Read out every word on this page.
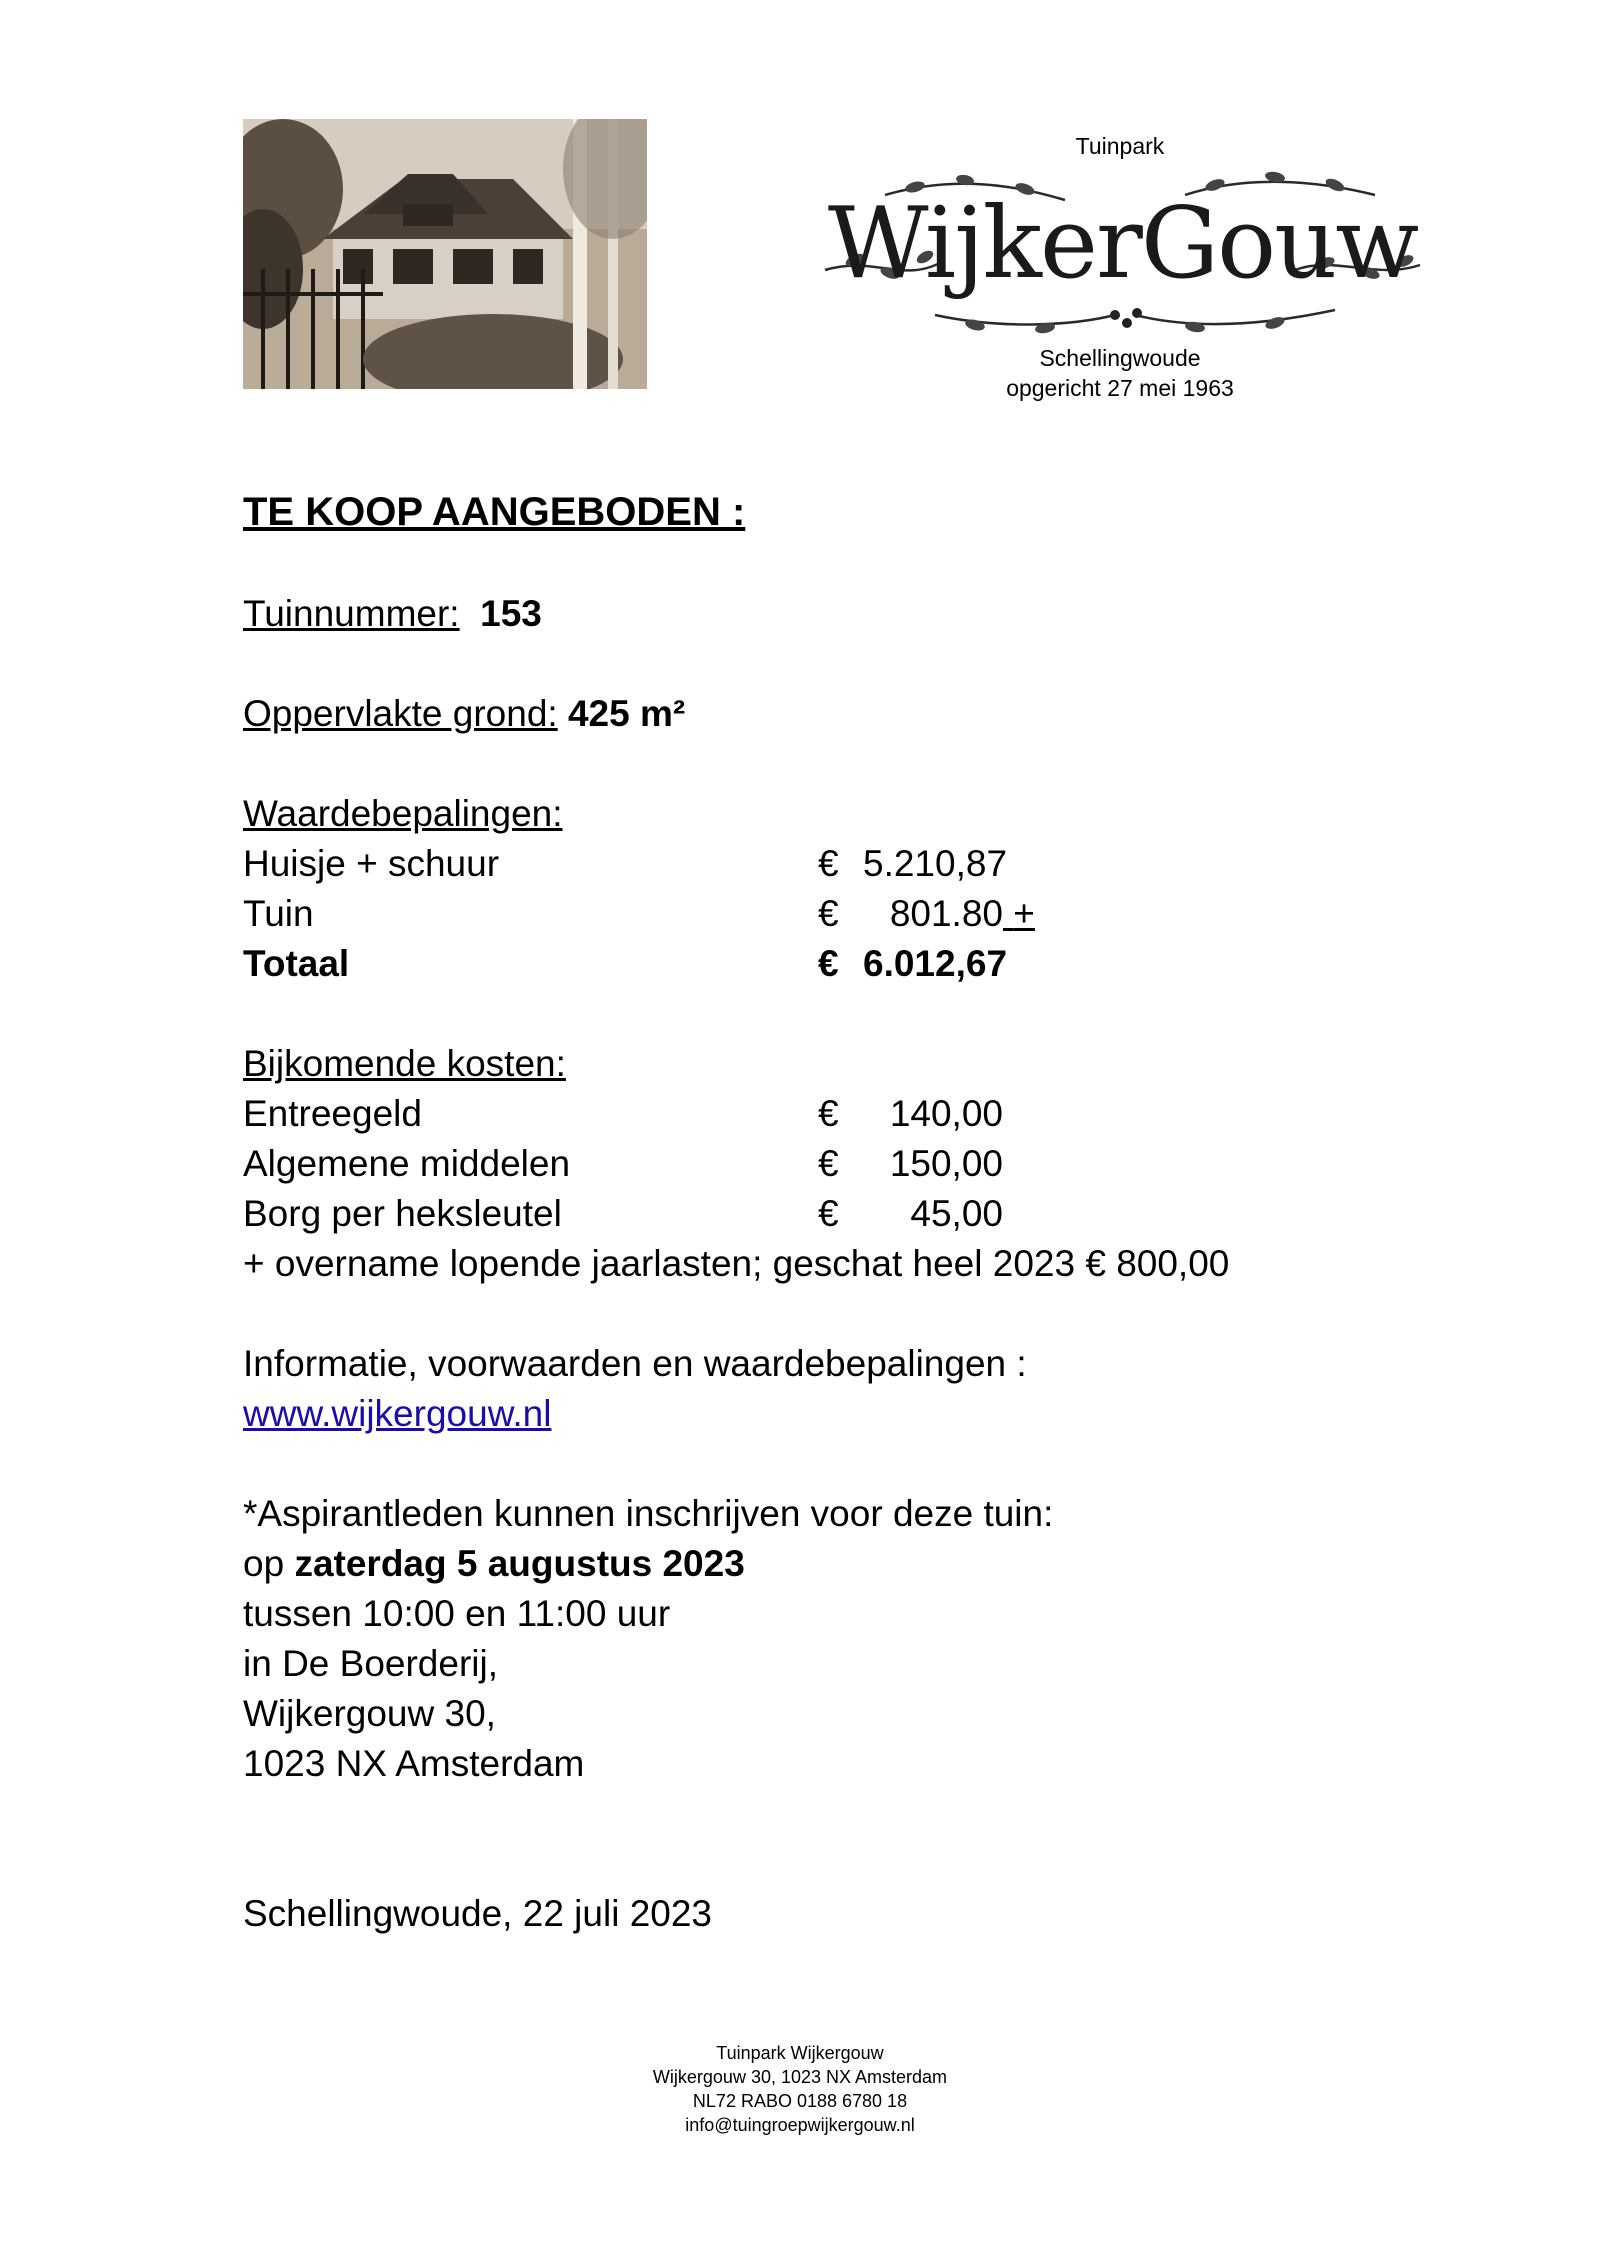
Tuinpark
WijkerGouw
Schellingwoude
opgericht 27 mei 1963
TE KOOP AANGEBODEN :
Tuinnummer: 153
Oppervlakte grond: 425 m²
Waardebepalingen:
Huisje + schuur	€ 5.210,87
Tuin	€ 801.80 +
Totaal	€ 6.012,67
Bijkomende kosten:
Entreegeld	€ 140,00
Algemene middelen	€ 150,00
Borg per heksleutel	€ 45,00
+ overname lopende jaarlasten; geschat heel 2023 € 800,00
Informatie, voorwaarden en waardebepalingen :
www.wijkergouw.nl
*Aspirantleden kunnen inschrijven voor deze tuin:
op zaterdag 5 augustus 2023
tussen 10:00 en 11:00 uur
in De Boerderij,
Wijkergouw 30,
1023 NX Amsterdam
Schellingwoude, 22 juli 2023
Tuinpark Wijkergouw
Wijkergouw 30, 1023 NX Amsterdam
NL72 RABO 0188 6780 18
info@tuingroepwijkergouw.nl
